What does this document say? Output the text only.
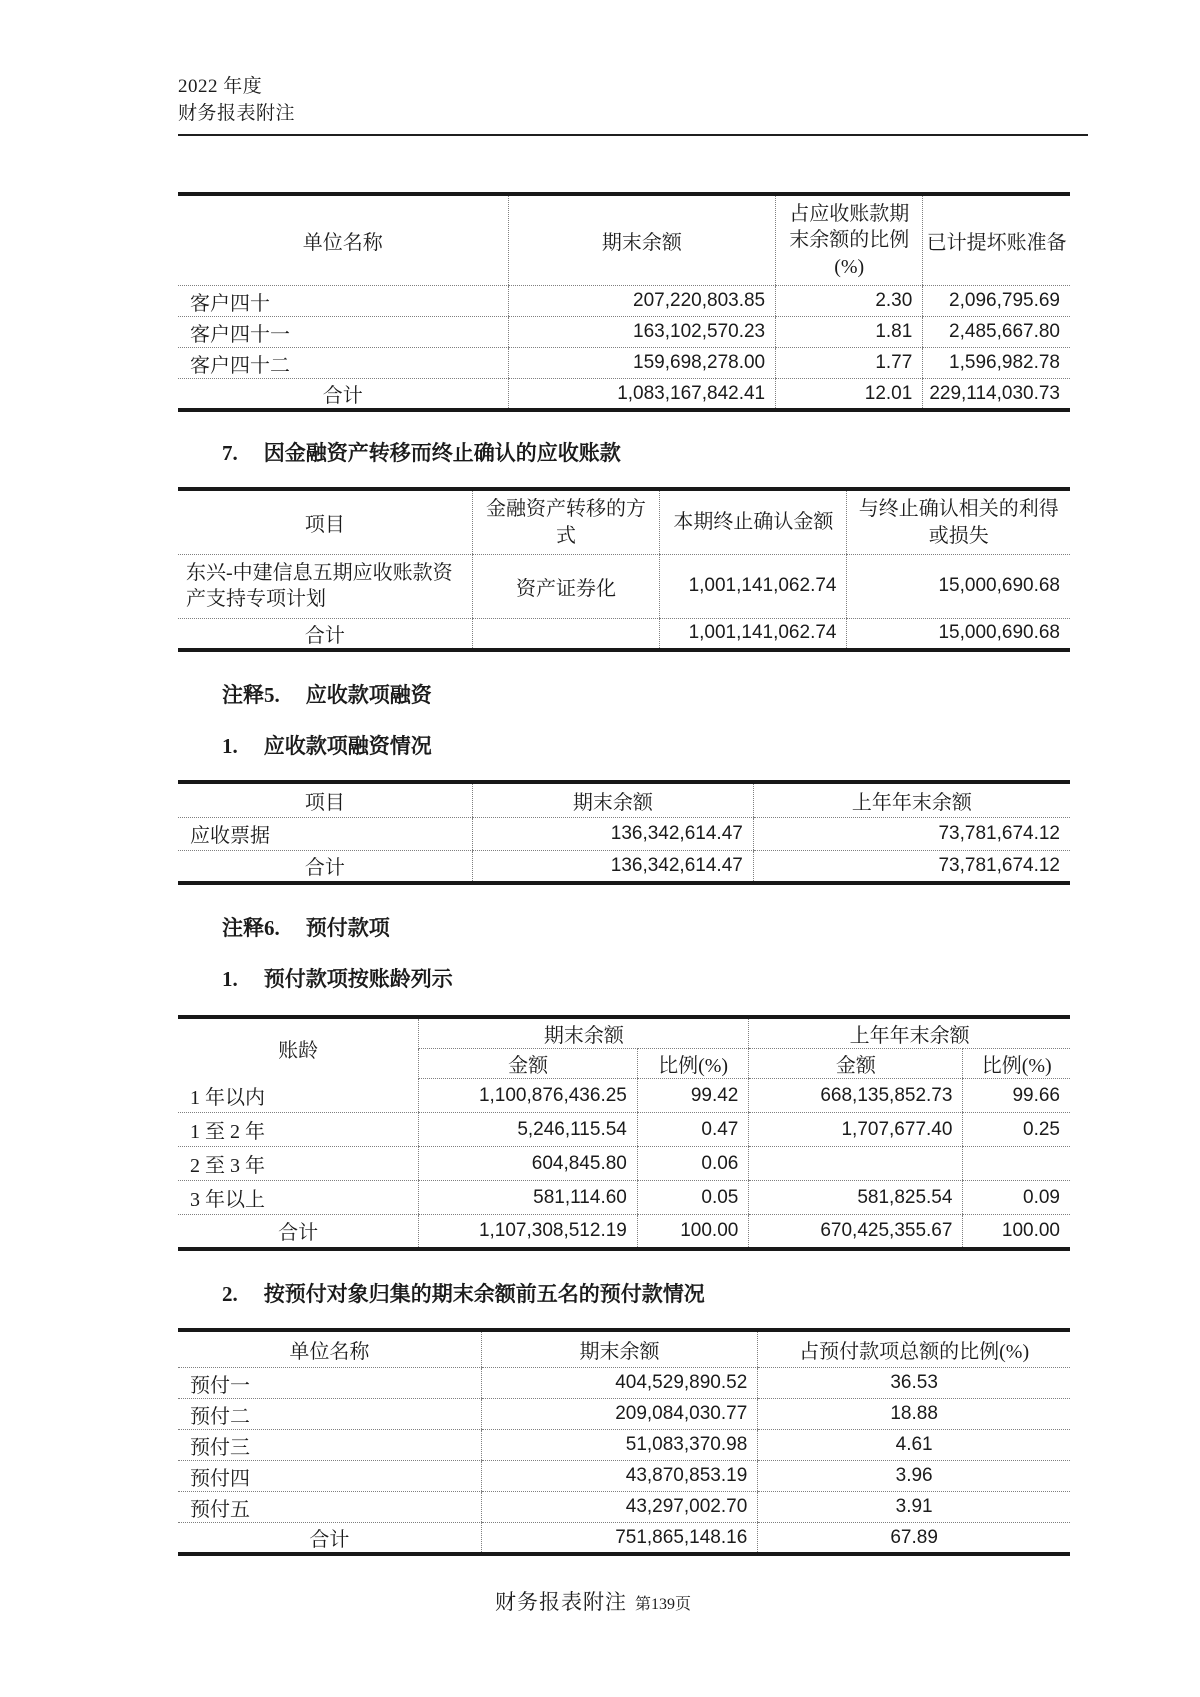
2022 年度
财务报表附注
单位名称	期末余额	占应收账款期末余额的比例(%)	已计提坏账准备
客户四十	207,220,803.85	2.30	2,096,795.69
客户四十一	163,102,570.23	1.81	2,485,667.80
客户四十二	159,698,278.00	1.77	1,596,982.78
合计	1,083,167,842.41	12.01	229,114,030.73
7. 因金融资产转移而终止确认的应收账款
项目	金融资产转移的方式	本期终止确认金额	与终止确认相关的利得或损失
东兴-中建信息五期应收账款资产支持专项计划	资产证券化	1,001,141,062.74	15,000,690.68
合计		1,001,141,062.74	15,000,690.68
注释5. 应收款项融资
1. 应收款项融资情况
项目	期末余额	上年年末余额
应收票据	136,342,614.47	73,781,674.12
合计	136,342,614.47	73,781,674.12
注释6. 预付款项
1. 预付款项按账龄列示
账龄	期末余额		上年年末余额	
	金额	比例(%)	金额	比例(%)
1 年以内	1,100,876,436.25	99.42	668,135,852.73	99.66
1 至 2 年	5,246,115.54	0.47	1,707,677.40	0.25
2 至 3 年	604,845.80	0.06		
3 年以上	581,114.60	0.05	581,825.54	0.09
合计	1,107,308,512.19	100.00	670,425,355.67	100.00
2. 按预付对象归集的期末余额前五名的预付款情况
单位名称	期末余额	占预付款项总额的比例(%)
预付一	404,529,890.52	36.53
预付二	209,084,030.77	18.88
预付三	51,083,370.98	4.61
预付四	43,870,853.19	3.96
预付五	43,297,002.70	3.91
合计	751,865,148.16	67.89
财务报表附注 第139页
